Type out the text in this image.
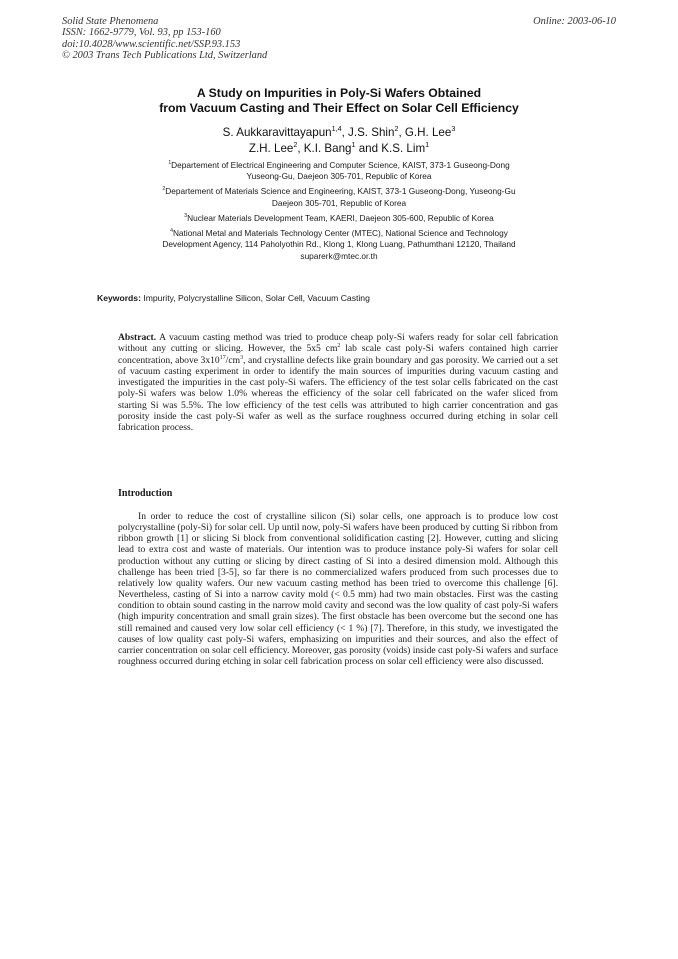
Solid State Phenomena
ISSN: 1662-9779, Vol. 93, pp 153-160
doi:10.4028/www.scientific.net/SSP.93.153
© 2003 Trans Tech Publications Ltd, Switzerland
Online: 2003-06-10
A Study on Impurities in Poly-Si Wafers Obtained
from Vacuum Casting and Their Effect on Solar Cell Efficiency
S. Aukkaravittayapun$^{1,4}$, J.S. Shin$^2$, G.H. Lee$^3$
Z.H. Lee$^2$, K.I. Bang$^1$ and K.S. Lim$^1$
$^1$Departement of Electrical Engineering and Computer Science, KAIST, 373-1 Guseong-Dong
Yuseong-Gu, Daejeon 305-701, Republic of Korea
$^2$Departement of Materials Science and Engineering, KAIST, 373-1 Guseong-Dong, Yuseong-Gu
Daejeon 305-701, Republic of Korea
$^3$Nuclear Materials Development Team, KAERI, Daejeon 305-600, Republic of Korea
$^4$National Metal and Materials Technology Center (MTEC), National Science and Technology
Development Agency, 114 Paholyothin Rd., Klong 1, Klong Luang, Pathumthani 12120, Thailand
suparerk@mtec.or.th
Keywords: Impurity, Polycrystalline Silicon, Solar Cell, Vacuum Casting
Abstract. A vacuum casting method was tried to produce cheap poly-Si wafers ready for solar cell fabrication without any cutting or slicing. However, the 5x5 $cm^2$ lab scale cast poly-Si wafers contained high carrier concentration, above $3x10^{17}/cm^3$, and crystalline defects like grain boundary and gas porosity. We carried out a set of vacuum casting experiment in order to identify the main sources of impurities during vacuum casting and investigated the impurities in the cast poly-Si wafers. The efficiency of the test solar cells fabricated on the cast poly-Si wafers was below 1.0% whereas the efficiency of the solar cell fabricated on the wafer sliced from starting Si was 5.5%. The low efficiency of the test cells was attributed to high carrier concentration and gas porosity inside the cast poly-Si wafer as well as the surface roughness occurred during etching in solar cell fabrication process.
Introduction

In order to reduce the cost of crystalline silicon (Si) solar cells, one approach is to produce low cost polycrystalline (poly-Si) for solar cell. Up until now, poly-Si wafers have been produced by cutting Si ribbon from ribbon growth [1] or slicing Si block from conventional solidification casting [2]. However, cutting and slicing lead to extra cost and waste of materials. Our intention was to produce instance poly-Si wafers for solar cell production without any cutting or slicing by direct casting of Si into a desired dimension mold. Although this challenge has been tried [3-5], so far there is no commercialized wafers produced from such processes due to relatively low quality wafers. Our new vacuum casting method has been tried to overcome this challenge [6]. Nevertheless, casting of Si into a narrow cavity mold (< 0.5 mm) had two main obstacles. First was the casting condition to obtain sound casting in the narrow mold cavity and second was the low quality of cast poly-Si wafers (high impurity concentration and small grain sizes). The first obstacle has been overcome but the second one has still remained and caused very low solar cell efficiency (< 1 %) [7]. Therefore, in this study, we investigated the causes of low quality cast poly-Si wafers, emphasizing on impurities and their sources, and also the effect of carrier concentration on solar cell efficiency. Moreover, gas porosity (voids) inside cast poly-Si wafers and surface roughness occurred during etching in solar cell fabrication process on solar cell efficiency were also discussed.
